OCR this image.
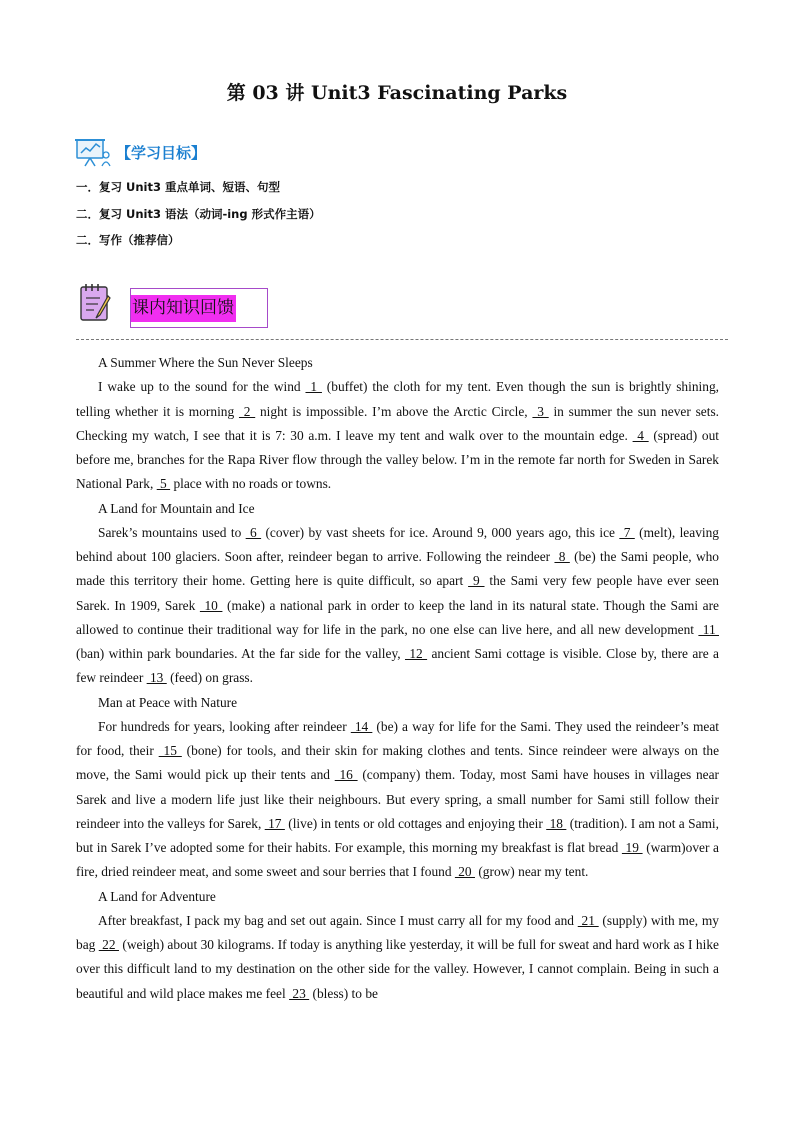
第 03 讲 Unit3 Fascinating Parks
【学习目标】
一．复习 Unit3 重点单词、短语、句型
二．复习 Unit3 语法（动词-ing 形式作主语）
二．写作（推荐信）
课内知识回馈

A Summer Where the Sun Never Sleeps

I wake up to the sound for the wind  1  (buffet) the cloth for my tent. Even though the sun is brightly shining, telling whether it is morning  2  night is impossible. I’m above the Arctic Circle,  3  in summer the sun never sets. Checking my watch, I see that it is 7: 30 a.m. I leave my tent and walk over to the mountain edge.  4  (spread) out before me, branches for the Rapa River flow through the valley below. I’m in the remote far north for Sweden in Sarek National Park,  5  place with no roads or towns.

A Land for Mountain and Ice

Sarek’s mountains used to  6  (cover) by vast sheets for ice. Around 9, 000 years ago, this ice  7  (melt), leaving behind about 100 glaciers. Soon after, reindeer began to arrive. Following the reindeer  8  (be) the Sami people, who made this territory their home. Getting here is quite difficult, so apart  9  the Sami very few people have ever seen Sarek. In 1909, Sarek  10  (make) a national park in order to keep the land in its natural state. Though the Sami are allowed to continue their traditional way for life in the park, no one else can live here, and all new development  11  (ban) within park boundaries. At the far side for the valley,  12  ancient Sami cottage is visible. Close by, there are a few reindeer  13  (feed) on grass.

Man at Peace with Nature

For hundreds for years, looking after reindeer  14  (be) a way for life for the Sami. They used the reindeer’s meat for food, their  15  (bone) for tools, and their skin for making clothes and tents. Since reindeer were always on the move, the Sami would pick up their tents and  16  (company) them. Today, most Sami have houses in villages near Sarek and live a modern life just like their neighbours. But every spring, a small number for Sami still follow their reindeer into the valleys for Sarek,  17  (live) in tents or old cottages and enjoying their  18  (tradition). I am not a Sami, but in Sarek I’ve adopted some for their habits. For example, this morning my breakfast is flat bread  19  (warm)over a fire, dried reindeer meat, and some sweet and sour berries that I found  20  (grow) near my tent.

A Land for Adventure

After breakfast, I pack my bag and set out again. Since I must carry all for my food and  21  (supply) with me, my bag  22  (weigh) about 30 kilograms. If today is anything like yesterday, it will be full for sweat and hard work as I hike over this difficult land to my destination on the other side for the valley. However, I cannot complain. Being in such a beautiful and wild place makes me feel  23  (bless) to be
